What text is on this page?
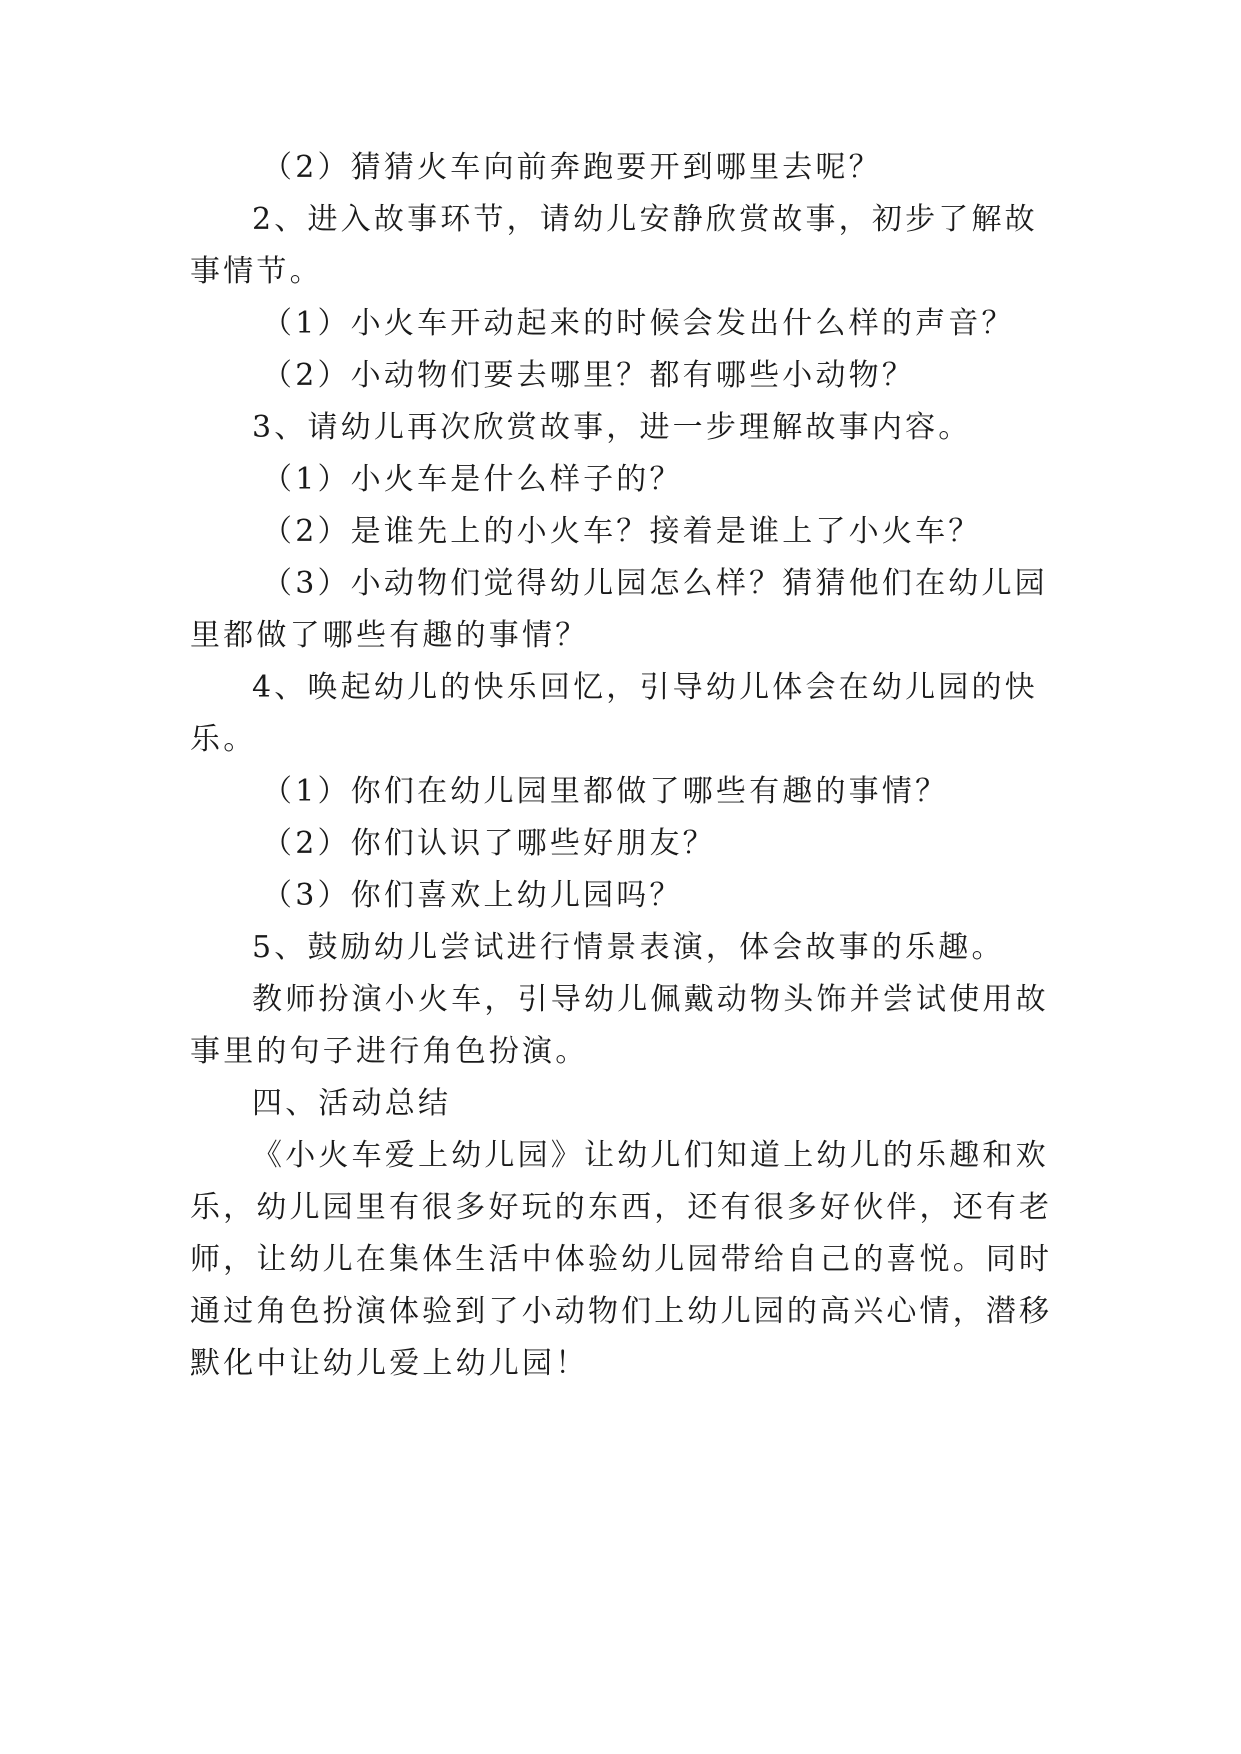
（2）猜猜火车向前奔跑要开到哪里去呢？
2、进入故事环节，请幼儿安静欣赏故事，初步了解故
事情节。
（1）小火车开动起来的时候会发出什么样的声音？
（2）小动物们要去哪里？都有哪些小动物？
3、请幼儿再次欣赏故事，进一步理解故事内容。
（1）小火车是什么样子的？
（2）是谁先上的小火车？接着是谁上了小火车？
（3）小动物们觉得幼儿园怎么样？猜猜他们在幼儿园
里都做了哪些有趣的事情？
4、唤起幼儿的快乐回忆，引导幼儿体会在幼儿园的快
乐。
（1）你们在幼儿园里都做了哪些有趣的事情？
（2）你们认识了哪些好朋友？
（3）你们喜欢上幼儿园吗？
5、鼓励幼儿尝试进行情景表演，体会故事的乐趣。
教师扮演小火车，引导幼儿佩戴动物头饰并尝试使用故
事里的句子进行角色扮演。
四、活动总结
《小火车爱上幼儿园》让幼儿们知道上幼儿的乐趣和欢
乐，幼儿园里有很多好玩的东西，还有很多好伙伴，还有老
师，让幼儿在集体生活中体验幼儿园带给自己的喜悦。同时
通过角色扮演体验到了小动物们上幼儿园的高兴心情，潜移
默化中让幼儿爱上幼儿园！
